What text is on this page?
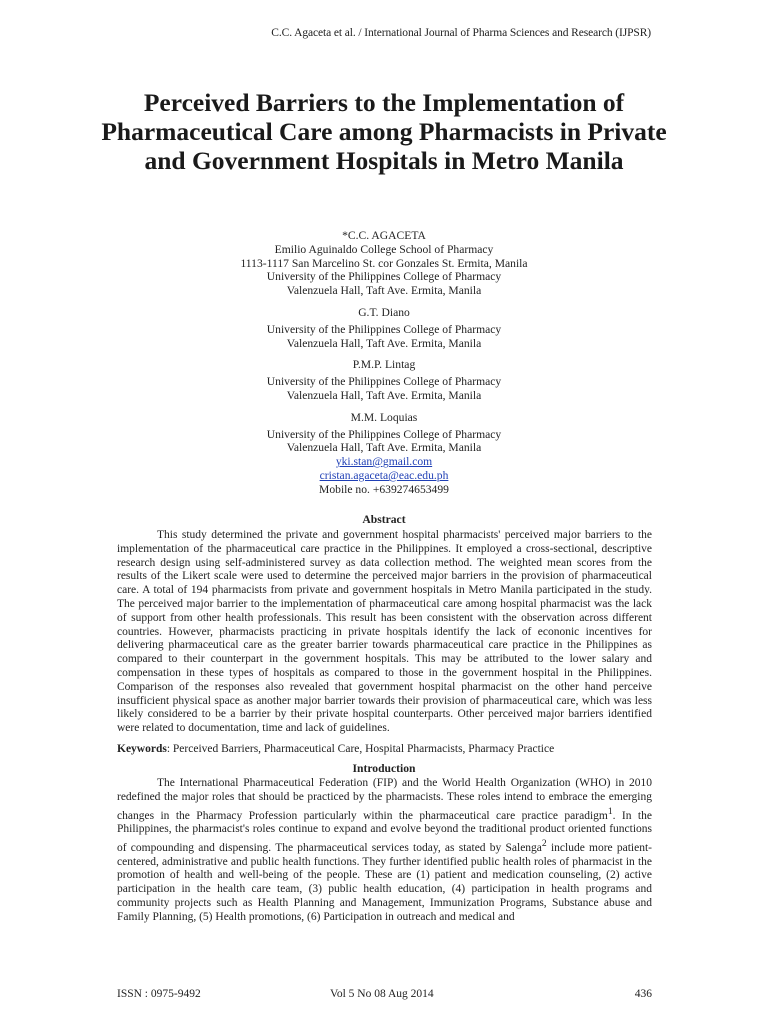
C.C. Agaceta et al. / International Journal of Pharma Sciences and Research (IJPSR)
Perceived Barriers to the Implementation of Pharmaceutical Care among Pharmacists in Private and Government Hospitals in Metro Manila
*C.C. AGACETA
Emilio Aguinaldo College School of Pharmacy
1113-1117 San Marcelino St. cor Gonzales St. Ermita, Manila
University of the Philippines College of Pharmacy
Valenzuela Hall, Taft Ave. Ermita, Manila
G.T. Diano
University of the Philippines College of Pharmacy
Valenzuela Hall, Taft Ave. Ermita, Manila
P.M.P. Lintag
University of the Philippines College of Pharmacy
Valenzuela Hall, Taft Ave. Ermita, Manila
M.M. Loquias
University of the Philippines College of Pharmacy
Valenzuela Hall, Taft Ave. Ermita, Manila
yki.stan@gmail.com
cristan.agaceta@eac.edu.ph
Mobile no. +639274653499
Abstract

This study determined the private and government hospital pharmacists' perceived major barriers to the implementation of the pharmaceutical care practice in the Philippines. It employed a cross-sectional, descriptive research design using self-administered survey as data collection method. The weighted mean scores from the results of the Likert scale were used to determine the perceived major barriers in the provision of pharmaceutical care. A total of 194 pharmacists from private and government hospitals in Metro Manila participated in the study. The perceived major barrier to the implementation of pharmaceutical care among hospital pharmacist was the lack of support from other health professionals. This result has been consistent with the observation across different countries. However, pharmacists practicing in private hospitals identify the lack of econonic incentives for delivering pharmaceutical care as the greater barrier towards pharmaceutical care practice in the Philippines as compared to their counterpart in the government hospitals. This may be attributed to the lower salary and compensation in these types of hospitals as compared to those in the government hospital in the Philippines. Comparison of the responses also revealed that government hospital pharmacist on the other hand perceive insufficient physical space as another major barrier towards their provision of pharmaceutical care, which was less likely considered to be a barrier by their private hospital counterparts. Other perceived major barriers identified were related to documentation, time and lack of guidelines.

Keywords: Perceived Barriers, Pharmaceutical Care, Hospital Pharmacists, Pharmacy Practice
Introduction

The International Pharmaceutical Federation (FIP) and the World Health Organization (WHO) in 2010 redefined the major roles that should be practiced by the pharmacists. These roles intend to embrace the emerging changes in the Pharmacy Profession particularly within the pharmaceutical care practice paradigm$^1$. In the Philippines, the pharmacist's roles continue to expand and evolve beyond the traditional product oriented functions of compounding and dispensing. The pharmaceutical services today, as stated by Salenga$^2$ include more patient-centered, administrative and public health functions. They further identified public health roles of pharmacist in the promotion of health and well-being of the people. These are (1) patient and medication counseling, (2) active participation in the health care team, (3) public health education, (4) participation in health programs and community projects such as Health Planning and Management, Immunization Programs, Substance abuse and Family Planning, (5) Health promotions, (6) Participation in outreach and medical and

ISSN : 0975-9492	Vol 5 No 08 Aug 2014	436
